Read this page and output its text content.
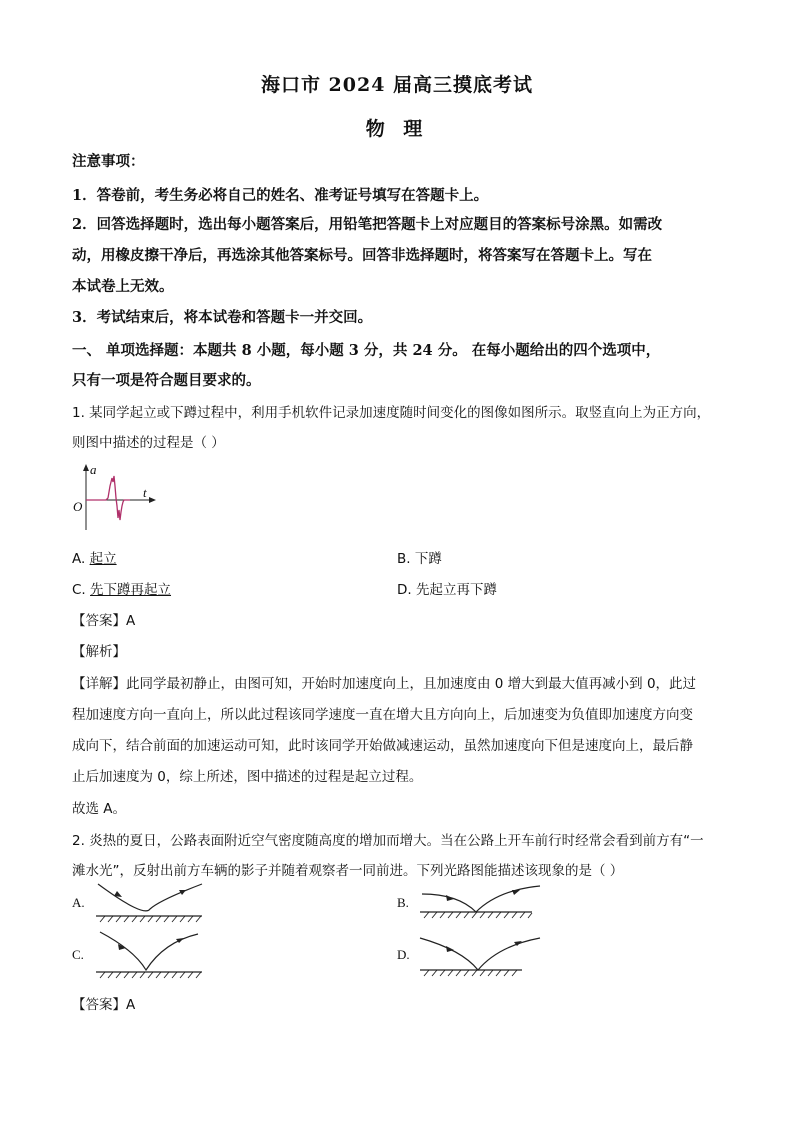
海口市 2024 届高三摸底考试
物 理
注意事项：
1．答卷前，考生务必将自己的姓名、准考证号填写在答题卡上。
2．回答选择题时，选出每小题答案后，用铅笔把答题卡上对应题目的答案标号涂黑。如需改
动，用橡皮擦干净后，再选涂其他答案标号。回答非选择题时，将答案写在答题卡上。写在
本试卷上无效。
3．考试结束后，将本试卷和答题卡一并交回。
一、 单项选择题：本题共 8 小题，每小题 3 分，共 24 分。 在每小题给出的四个选项中，
只有一项是符合题目要求的。
1. 某同学起立或下蹲过程中，利用手机软件记录加速度随时间变化的图像如图所示。取竖直向上为正方向，
则图中描述的过程是（ ）
a
t
O
A. 起立	B. 下蹲
C. 先下蹲再起立	D. 先起立再下蹲
【答案】A
【解析】
【详解】此同学最初静止，由图可知，开始时加速度向上，且加速度由 0 增大到最大值再减小到 0，此过
程加速度方向一直向上，所以此过程该同学速度一直在增大且方向向上，后加速变为负值即加速度方向变
成向下，结合前面的加速运动可知，此时该同学开始做减速运动，虽然加速度向下但是速度向上，最后静
止后加速度为 0，综上所述，图中描述的过程是起立过程。
故选 A。
2. 炎热的夏日，公路表面附近空气密度随高度的增加而增大。当在公路上开车前行时经常会看到前方有“一
滩水光”，反射出前方车辆的影子并随着观察者一同前进。下列光路图能描述该现象的是（ ）
A.	B.
C.	D.
【答案】A
